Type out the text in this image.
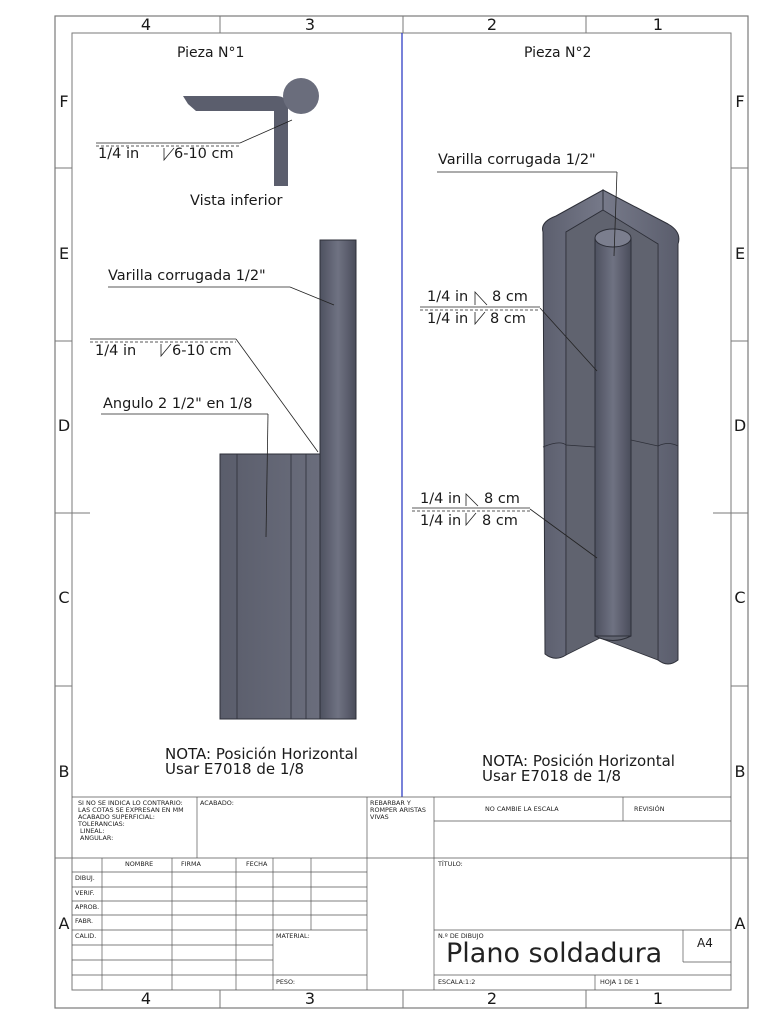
4	3	2	1
4	3	2	1
F
E
D
C
B
A
F
E
D
C
B
A
Pieza N°1
1/4 in 6-10 cm
Vista inferior
Varilla corrugada 1/2"
1/4 in 6-10 cm
Angulo 2 1/2" en 1/8
NOTA: Posición Horizontal
Usar E7018 de 1/8
Pieza N°2
Varilla corrugada 1/2"
1/4 in 8 cm
1/4 in 8 cm
1/4 in 8 cm
1/4 in 8 cm
NOTA: Posición Horizontal
Usar E7018 de 1/8
SI NO SE INDICA LO CONTRARIO:
LAS COTAS SE EXPRESAN EN MM
ACABADO SUPERFICIAL:
TOLERANCIAS:
LINEAL:
ANGULAR:
ACABADO:	REBARBAR Y
ROMPER ARISTAS
VIVAS
NO CAMBIE LA ESCALA	REVISIÓN
NOMBRE	FIRMA	FECHA
DIBUJ.
VERIF.
APROB.
FABR.
CALID.
TÍTULO:
MATERIAL:	N.º DE DIBUJO
Plano soldadura	A4
PESO:	ESCALA:1:2	HOJA 1 DE 1
